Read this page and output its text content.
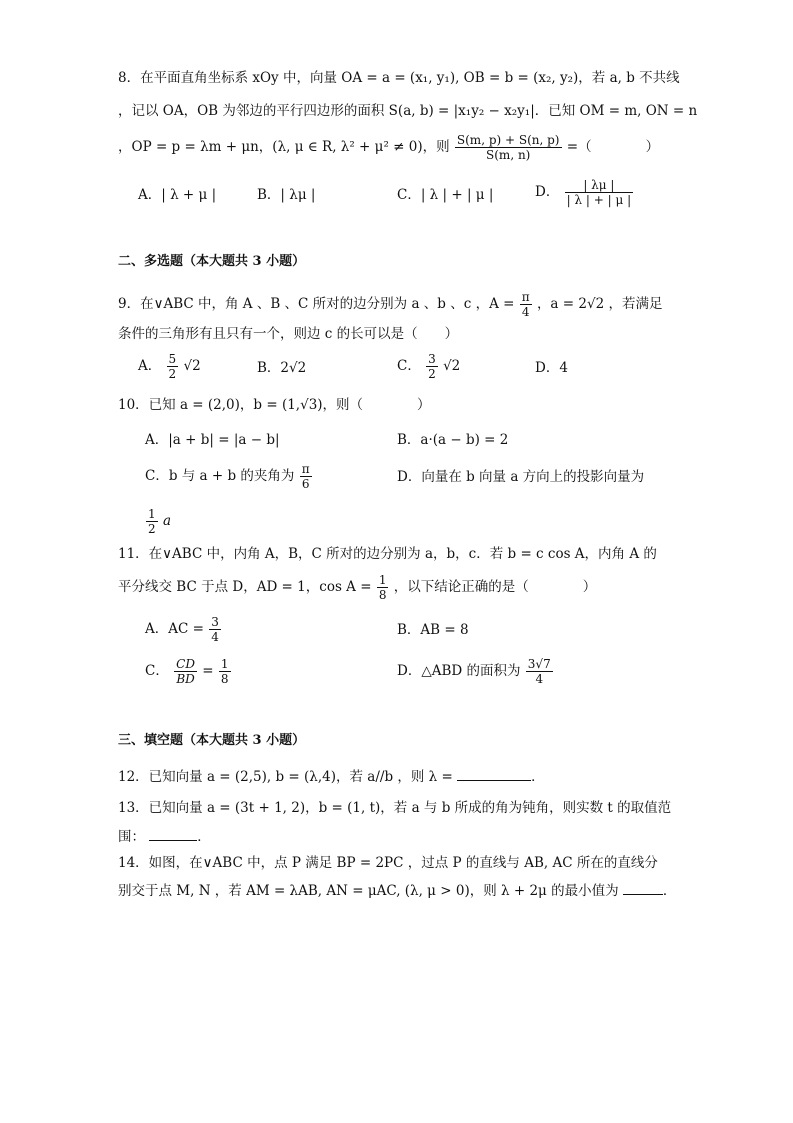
8．在平面直角坐标系 xOy 中，向量 OA = a = (x₁, y₁), OB = b = (x₂, y₂)，若 a, b 不共线
，记以 OA，OB 为邻边的平行四边形的面积 S(a, b) = |x₁y₂ − x₂y₁|．已知 OM = m, ON = n
，OP = p = λm + μn，(λ, μ ∈ R, λ² + μ² ≠ 0)，则 $\frac{S(m, p) + S(n, p)}{S(m, n)}$ =（　　　　）
A．| λ + μ |	B．| λμ |	C．| λ | + | μ |	D． $\frac{| \lambda\mu |}{| \lambda | + | \mu |}$
二、多选题（本大题共 3 小题）
9．在∨ABC 中，角 A 、B 、C 所对的边分别为 a 、b 、c ，$A = \frac{\pi}{4}$ ，a = 2√2 ，若满足
条件的三角形有且只有一个，则边 c 的长可以是（　　）
A． $\frac{5}{2} √2$	B．2√2	C． $\frac{3}{2} √2$	D．4
10．已知 a = (2,0)，b = (1,√3)，则（　　　　）
A．|a + b| = |a − b|	B．a·(a − b) = 2
C．b 与 a + b 的夹角为 $\frac{\pi}{6}$	D．向量在 b 向量 a 方向上的投影向量为
$\frac{1}{2}$ a
11．在∨ABC 中，内角 A，B，C 所对的边分别为 a，b，c．若 b = c cos A，内角 A 的
平分线交 BC 于点 D，AD = 1，$\cos A = \frac{1}{8}$ ，以下结论正确的是（　　　　）
A．AC = $\frac{3}{4}$	B．AB = 8
C． $\frac{CD}{BD} = \frac{1}{8}$	D．△ABD 的面积为 $\frac{3√7}{4}$
三、填空题（本大题共 3 小题）
12．已知向量 a = (2,5), b = (λ,4)，若 a//b ，则 λ =	．
13．已知向量 a = (3t + 1, 2)，b = (1, t)，若 a 与 b 所成的角为钝角，则实数 t 的取值范
围：	．
14．如图，在∨ABC 中，点 P 满足 BP = 2PC ，过点 P 的直线与 AB, AC 所在的直线分
别交于点 M, N ，若 AM = λAB, AN = μAC, (λ, μ > 0)，则 λ + 2μ 的最小值为	．
